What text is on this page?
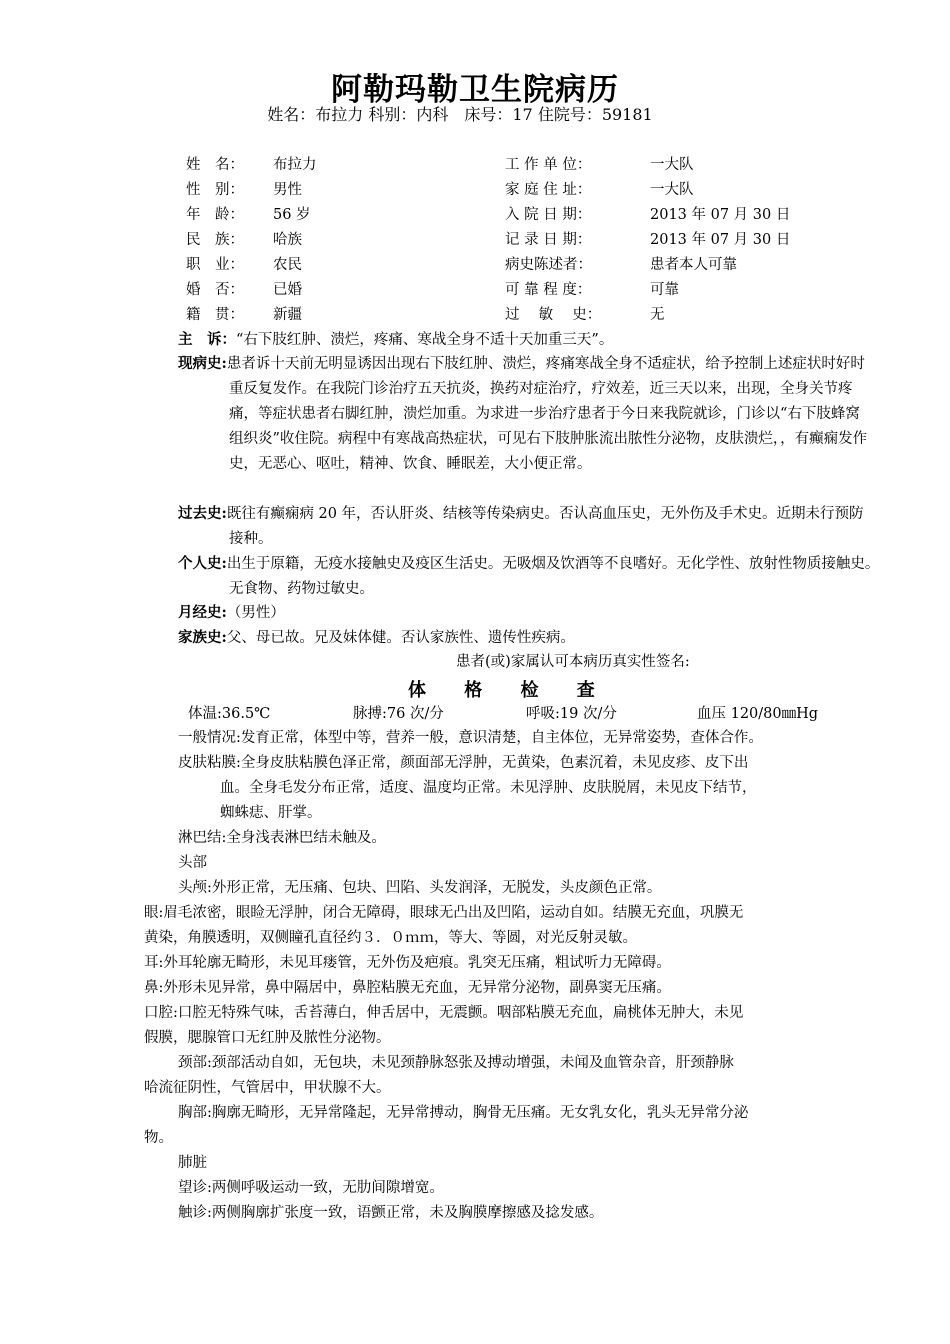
阿勒玛勒卫生院病历
姓名：布拉力 科别：内科　床号：17 住院号：59181
姓　名： 布拉力	工 作 单 位：	一大队
性　别： 男性	家 庭 住 址：	一大队
年　龄： 56 岁	入 院 日 期：	2013 年 07 月 30 日
民　族： 哈族	记 录 日 期：	2013 年 07 月 30 日
职　业： 农民	病史陈述者：	患者本人可靠
婚　否： 已婚	可 靠 程 度：	可靠
籍　贯： 新疆	过　 敏　 史：	无
主　诉：“右下肢红肿、溃烂，疼痛、寒战全身不适十天加重三天”。
现病史:患者诉十天前无明显诱因出现右下肢红肿、溃烂，疼痛寒战全身不适症状，给予控制上述症状时好时重反复发作。在我院门诊治疗五天抗炎，换药对症治疗，疗效差，近三天以来，出现，全身关节疼痛，等症状患者右脚红肿，溃烂加重。为求进一步治疗患者于今日来我院就诊，门诊以“右下肢蜂窝组织炎”收住院。病程中有寒战高热症状，可见右下肢肿胀流出脓性分泌物，皮肤溃烂，，有癫痫发作史，无恶心、呕吐，精神、饮食、睡眠差，大小便正常。
过去史:既往有癫痫病 20 年，否认肝炎、结核等传染病史。否认高血压史，无外伤及手术史。近期未行预防接种。
个人史:出生于原籍，无疫水接触史及疫区生活史。无吸烟及饮酒等不良嗜好。无化学性、放射性物质接触史。无食物、药物过敏史。
月经史:（男性）
家族史:父、母已故。兄及妹体健。否认家族性、遗传性疾病。
患者(或)家属认可本病历真实性签名:
体 格 检 查
体温:36.5℃	脉搏:76 次/分	呼吸:19 次/分	血压 120/80㎜Hg
一般情况:发育正常，体型中等，营养一般，意识清楚，自主体位，无异常姿势，查体合作。
皮肤粘膜:全身皮肤粘膜色泽正常，颜面部无浮肿，无黄染，色素沉着，未见皮疹、皮下出
血。全身毛发分布正常，适度、温度均正常。未见浮肿、皮肤脱屑，未见皮下结节，
蜘蛛痣、肝掌。
淋巴结:全身浅表淋巴结未触及。
头部
头颅:外形正常，无压痛、包块、凹陷、头发润泽，无脱发，头皮颜色正常。
眼:眉毛浓密，眼睑无浮肿，闭合无障碍，眼球无凸出及凹陷，运动自如。结膜无充血，巩膜无
黄染，角膜透明，双侧瞳孔直径约３．０ｍｍ，等大、等圆，对光反射灵敏。
耳:外耳轮廓无畸形，未见耳瘘管，无外伤及疤痕。乳突无压痛，粗试听力无障碍。
鼻:外形未见异常，鼻中隔居中，鼻腔粘膜无充血，无异常分泌物，副鼻窦无压痛。
口腔:口腔无特殊气味，舌苔薄白，伸舌居中，无震颤。咽部粘膜无充血，扁桃体无肿大，未见
假膜，腮腺管口无红肿及脓性分泌物。
颈部:颈部活动自如，无包块，未见颈静脉怒张及搏动增强，未闻及血管杂音，肝颈静脉
哈流征阴性，气管居中，甲状腺不大。
胸部:胸廓无畸形，无异常隆起，无异常搏动，胸骨无压痛。无女乳女化，乳头无异常分泌
物。
肺脏
望诊:两侧呼吸运动一致，无肋间隙增宽。
触诊:两侧胸廓扩张度一致，语颤正常，未及胸膜摩擦感及捻发感。
